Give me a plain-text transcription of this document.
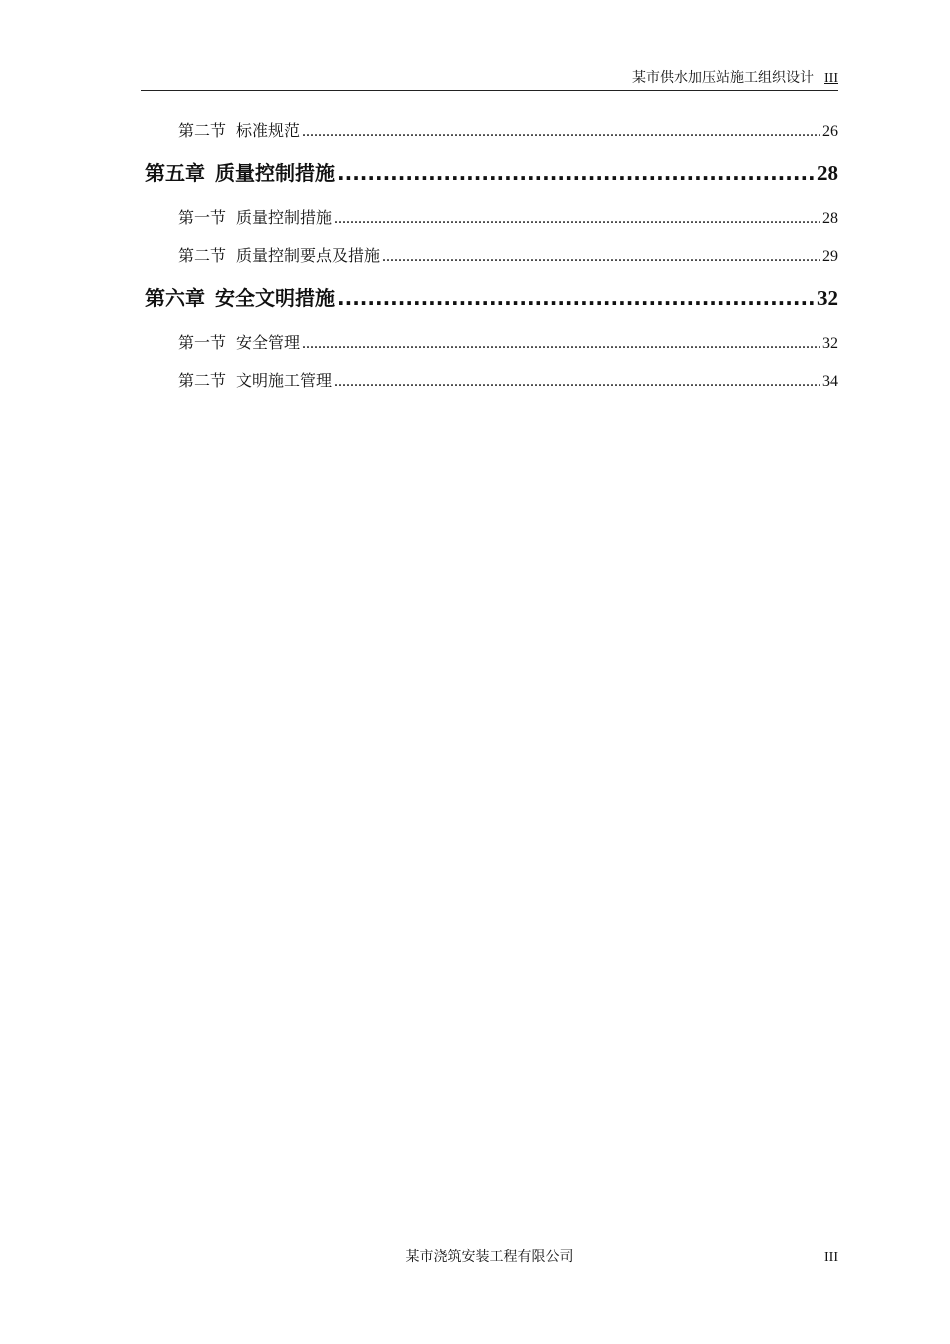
某市供水加压站施工组织设计 III
第二节 标准规范 .....	26
第五章 质量控制措施 .....	28
第一节 质量控制措施 .....	28
第二节 质量控制要点及措施 .....	29
第六章 安全文明措施 .....	32
第一节 安全管理 .....	32
第二节 文明施工管理 .....	34
某市浇筑安装工程有限公司	III
